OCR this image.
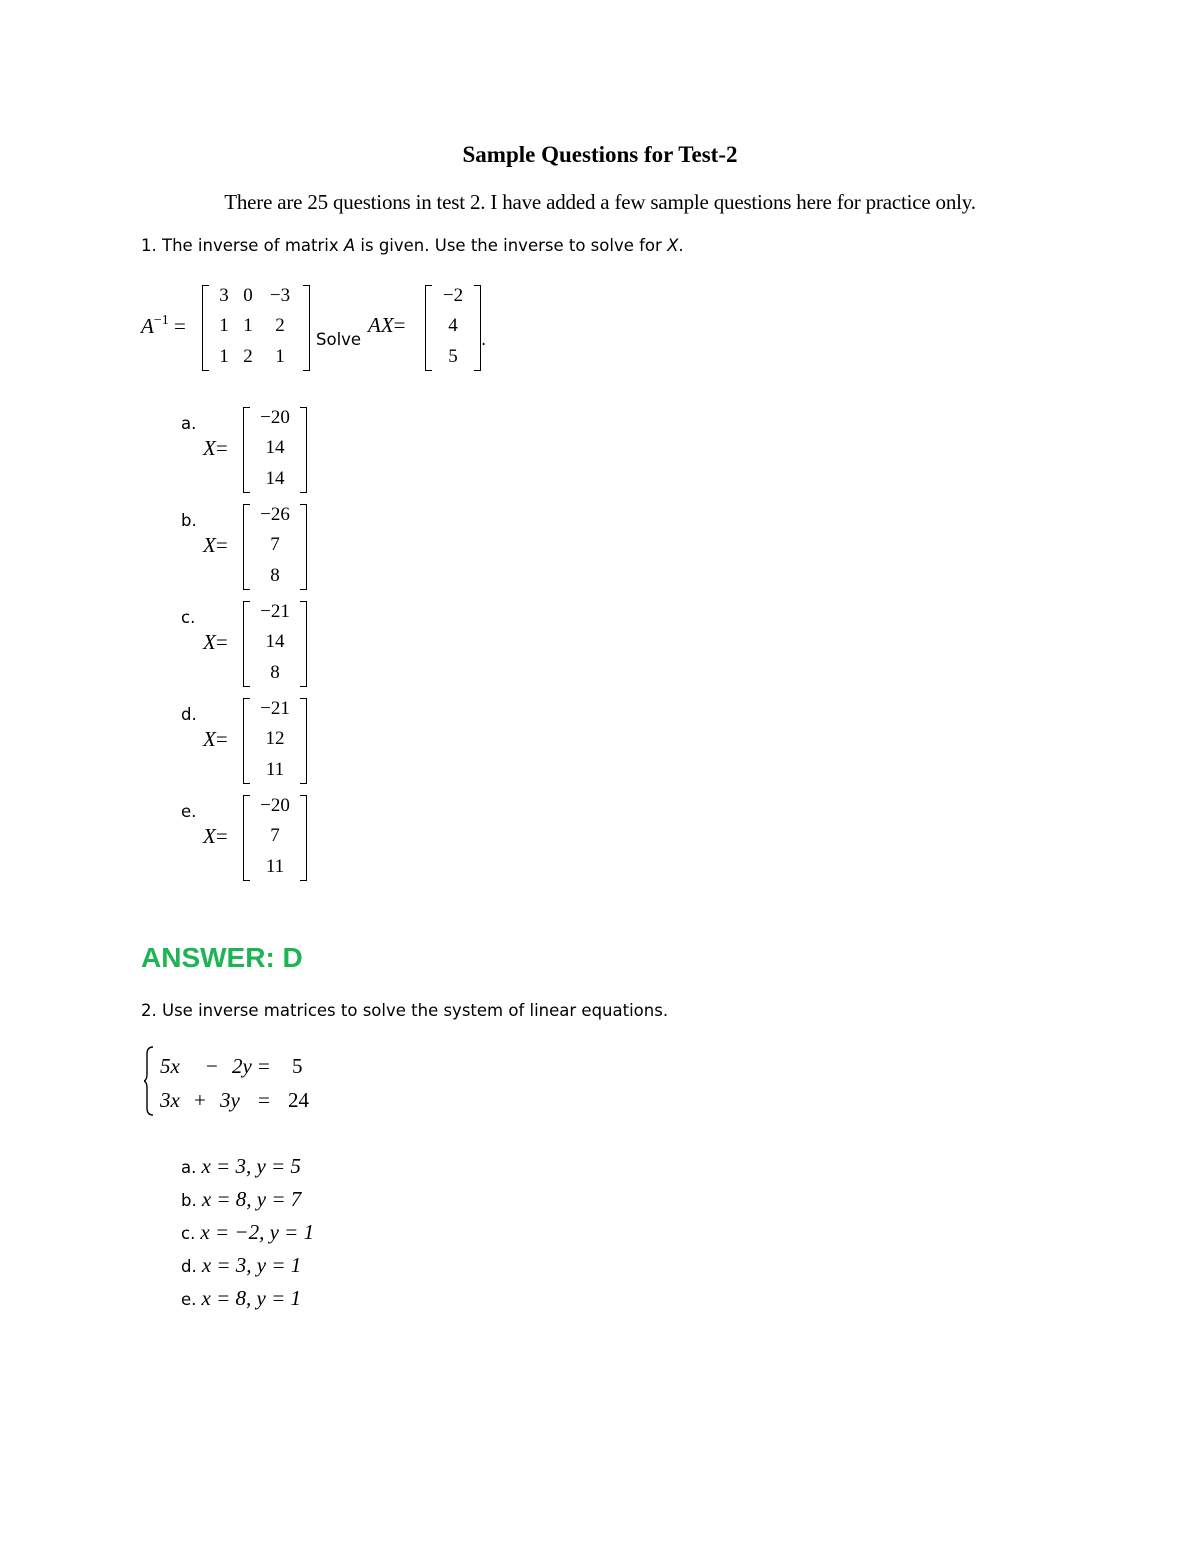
Sample Questions for Test-2
There are 25 questions in test 2. I have added a few sample questions here for practice only.
1. The inverse of matrix A is given. Use the inverse to solve for X.
$A^{-1}$ =
3 0 −3
1 1	2
1 2	1
Solve
AX=
−2
4
5
.
a.
X=
−20
14
14
b.
X=
−26
7
8
c.
X=
−21
14
8
d.
X=
−21
12
11
e.
X=
−20
7
11
ANSWER: D
2. Use inverse matrices to solve the system of linear equations.
5x − 2y = 5
3x + 3y = 24
a. x = 3, y = 5
b. x = 8, y = 7
c. x = −2, y = 1
d. x = 3, y = 1
e. x = 8, y = 1
